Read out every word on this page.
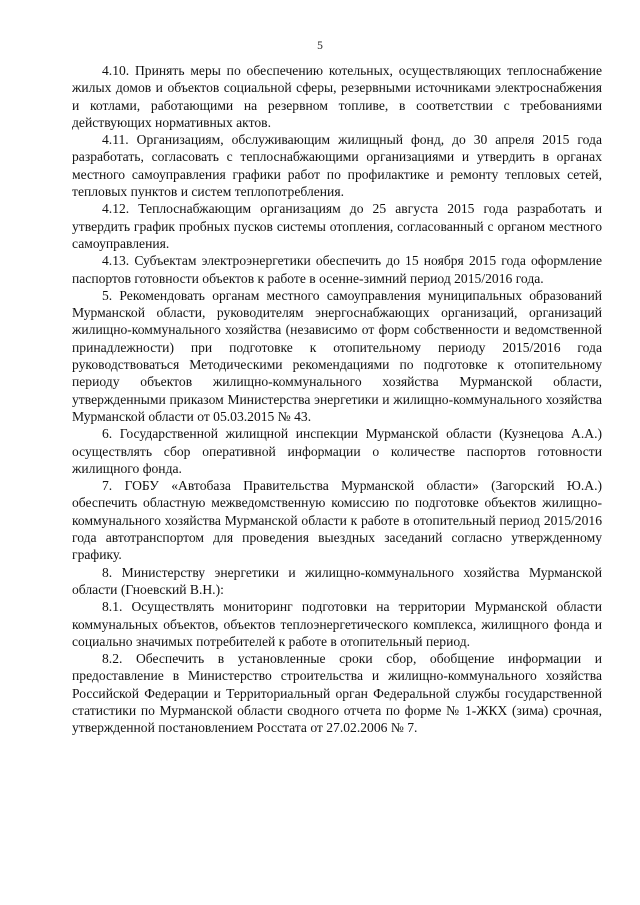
5

4.10. Принять меры по обеспечению котельных, осуществляющих теплоснабжение жилых домов и объектов социальной сферы, резервными источниками электроснабжения и котлами, работающими на резервном топливе, в соответствии с требованиями действующих нормативных актов.

4.11. Организациям, обслуживающим жилищный фонд, до 30 апреля 2015 года разработать, согласовать с теплоснабжающими организациями и утвердить в органах местного самоуправления графики работ по профилактике и ремонту тепловых сетей, тепловых пунктов и систем теплопотребления.

4.12. Теплоснабжающим организациям до 25 августа 2015 года разработать и утвердить график пробных пусков системы отопления, согласованный с органом местного самоуправления.

4.13. Субъектам электроэнергетики обеспечить до 15 ноября 2015 года оформление паспортов готовности объектов к работе в осенне-зимний период 2015/2016 года.

5. Рекомендовать органам местного самоуправления муниципальных образований Мурманской области, руководителям энергоснабжающих организаций, организаций жилищно-коммунального хозяйства (независимо от форм собственности и ведомственной принадлежности) при подготовке к отопительному периоду 2015/2016 года руководствоваться Методическими рекомендациями по подготовке к отопительному периоду объектов жилищно-коммунального хозяйства Мурманской области, утвержденными приказом Министерства энергетики и жилищно-коммунального хозяйства Мурманской области от 05.03.2015 № 43.

6. Государственной жилищной инспекции Мурманской области (Кузнецова А.А.) осуществлять сбор оперативной информации о количестве паспортов готовности жилищного фонда.

7. ГОБУ «Автобаза Правительства Мурманской области» (Загорский Ю.А.) обеспечить областную межведомственную комиссию по подготовке объектов жилищно-коммунального хозяйства Мурманской области к работе в отопительный период 2015/2016 года автотранспортом для проведения выездных заседаний согласно утвержденному графику.

8. Министерству энергетики и жилищно-коммунального хозяйства Мурманской области (Гноевский В.Н.):

8.1. Осуществлять мониторинг подготовки на территории Мурманской области коммунальных объектов, объектов теплоэнергетического комплекса, жилищного фонда и социально значимых потребителей к работе в отопительный период.

8.2. Обеспечить в установленные сроки сбор, обобщение информации и предоставление в Министерство строительства и жилищно-коммунального хозяйства Российской Федерации и Территориальный орган Федеральной службы государственной статистики по Мурманской области сводного отчета по форме № 1-ЖКХ (зима) срочная, утвержденной постановлением Росстата от 27.02.2006 № 7.
